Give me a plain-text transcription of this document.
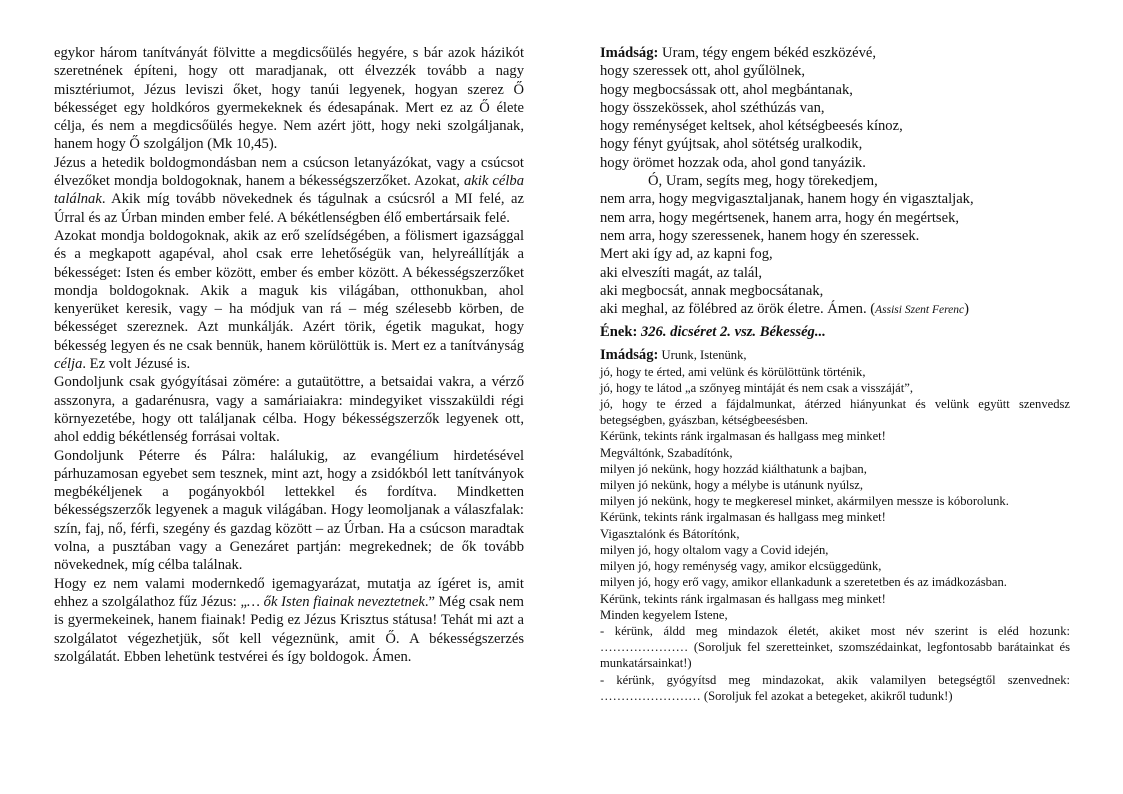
egykor három tanítványát fölvitte a megdicsőülés hegyére, s bár azok házikót szeretnének építeni, hogy ott maradjanak, ott élvezzék tovább a nagy misztériumot, Jézus leviszi őket, hogy tanúi legyenek, hogyan szerez Ő békességet egy holdkóros gyermekeknek és édesapának. Mert ez az Ő élete célja, és nem a megdicsőülés hegye. Nem azért jött, hogy neki szolgáljanak, hanem hogy Ő szolgáljon (Mk 10,45).

Jézus a hetedik boldogmondásban nem a csúcson letanyázókat, vagy a csúcsot élvezőket mondja boldogoknak, hanem a békességszerzőket. Azokat, akik célba találnak. Akik míg tovább növekednek és tágulnak a csúcsról a MI felé, az Úrral és az Úrban minden ember felé. A békétlenségben élő embertársaik felé.

Azokat mondja boldogoknak, akik az erő szelídségében, a fölismert igazsággal és a megkapott agapéval, ahol csak erre lehetőségük van, helyreállítják a békességet: Isten és ember között, ember és ember között. A békességszerzőket mondja boldogoknak. Akik a maguk kis világában, otthonukban, ahol kenyerüket keresik, vagy – ha módjuk van rá – még szélesebb körben, de békességet szereznek. Azt munkálják. Azért törik, égetik magukat, hogy békesség legyen és ne csak bennük, hanem körülöttük is. Mert ez a tanítványság célja. Ez volt Jézusé is.

Gondoljunk csak gyógyításai zömére: a gutaütöttre, a betsaidai vakra, a vérző asszonyra, a gadarénusra, vagy a samáriaiakra: mindegyiket visszaküldi régi környezetébe, hogy ott találjanak célba. Hogy békességszerzők legyenek ott, ahol eddig békétlenség forrásai voltak.

Gondoljunk Péterre és Pálra: halálukig, az evangélium hirdetésével párhuzamosan egyebet sem tesznek, mint azt, hogy a zsidókból lett tanítványok megbékéljenek a pogányokból lettekkel és fordítva. Mindketten békességszerzők legyenek a maguk világában. Hogy leomoljanak a válaszfalak: szín, faj, nő, férfi, szegény és gazdag között – az Úrban. Ha a csúcson maradtak volna, a pusztában vagy a Genezáret partján: megrekednek; de ők tovább növekednek, míg célba találnak.

Hogy ez nem valami modernkedő igemagyarázat, mutatja az ígéret is, amit ehhez a szolgálathoz fűz Jézus: „… ők Isten fiainak neveztetnek.” Még csak nem is gyermekeinek, hanem fiainak! Pedig ez Jézus Krisztus státusa! Tehát mi azt a szolgálatot végezhetjük, sőt kell végeznünk, amit Ő. A békességszerzés szolgálatát. Ebben lehetünk testvérei és így boldogok. Ámen.

Imádság: Uram, tégy engem békéd eszközévé,
hogy szeressek ott, ahol gyűlölnek,
hogy megbocsássak ott, ahol megbántanak,
hogy összekössek, ahol széthúzás van,
hogy reménységet keltsek, ahol kétségbeesés kínoz,
hogy fényt gyújtsak, ahol sötétség uralkodik,
hogy örömet hozzak oda, ahol gond tanyázik.
Ó, Uram, segíts meg, hogy törekedjem,
nem arra, hogy megvigasztaljanak, hanem hogy én vigasztaljak,
nem arra, hogy megértsenek, hanem arra, hogy én megértsek,
nem arra, hogy szeressenek, hanem hogy én szeressek.
Mert aki így ad, az kapni fog,
aki elveszíti magát, az talál,
aki megbocsát, annak megbocsátanak,
aki meghal, az fölébred az örök életre. Ámen. (Assisi Szent Ferenc)
Ének: 326. dicséret 2. vsz. Békesség...
Imádság: Urunk, Istenünk,
jó, hogy te érted, ami velünk és körülöttünk történik,
jó, hogy te látod „a szőnyeg mintáját és nem csak a visszáját”,
jó, hogy te érzed a fájdalmunkat, átérzed hiányunkat és velünk együtt szenvedsz betegségben, gyászban, kétségbeesésben.
Kérünk, tekints ránk irgalmasan és hallgass meg minket!
Megváltónk, Szabadítónk,
milyen jó nekünk, hogy hozzád kiálthatunk a bajban,
milyen jó nekünk, hogy a mélybe is utánunk nyúlsz,
milyen jó nekünk, hogy te megkeresel minket, akármilyen messze is kóborolunk.
Kérünk, tekints ránk irgalmasan és hallgass meg minket!
Vigasztalónk és Bátorítónk,
milyen jó, hogy oltalom vagy a Covid idején,
milyen jó, hogy reménység vagy, amikor elcsüggedünk,
milyen jó, hogy erő vagy, amikor ellankadunk a szeretetben és az imádkozásban.
Kérünk, tekints ránk irgalmasan és hallgass meg minket!
Minden kegyelem Istene,
- kérünk, áldd meg mindazok életét, akiket most név szerint is eléd hozunk: ………………… (Soroljuk fel szeretteinket, szomszédainkat, legfontosabb barátainkat és munkatársainkat!)
- kérünk, gyógyítsd meg mindazokat, akik valamilyen betegségtől szenvednek: …………………… (Soroljuk fel azokat a betegeket, akikről tudunk!)
